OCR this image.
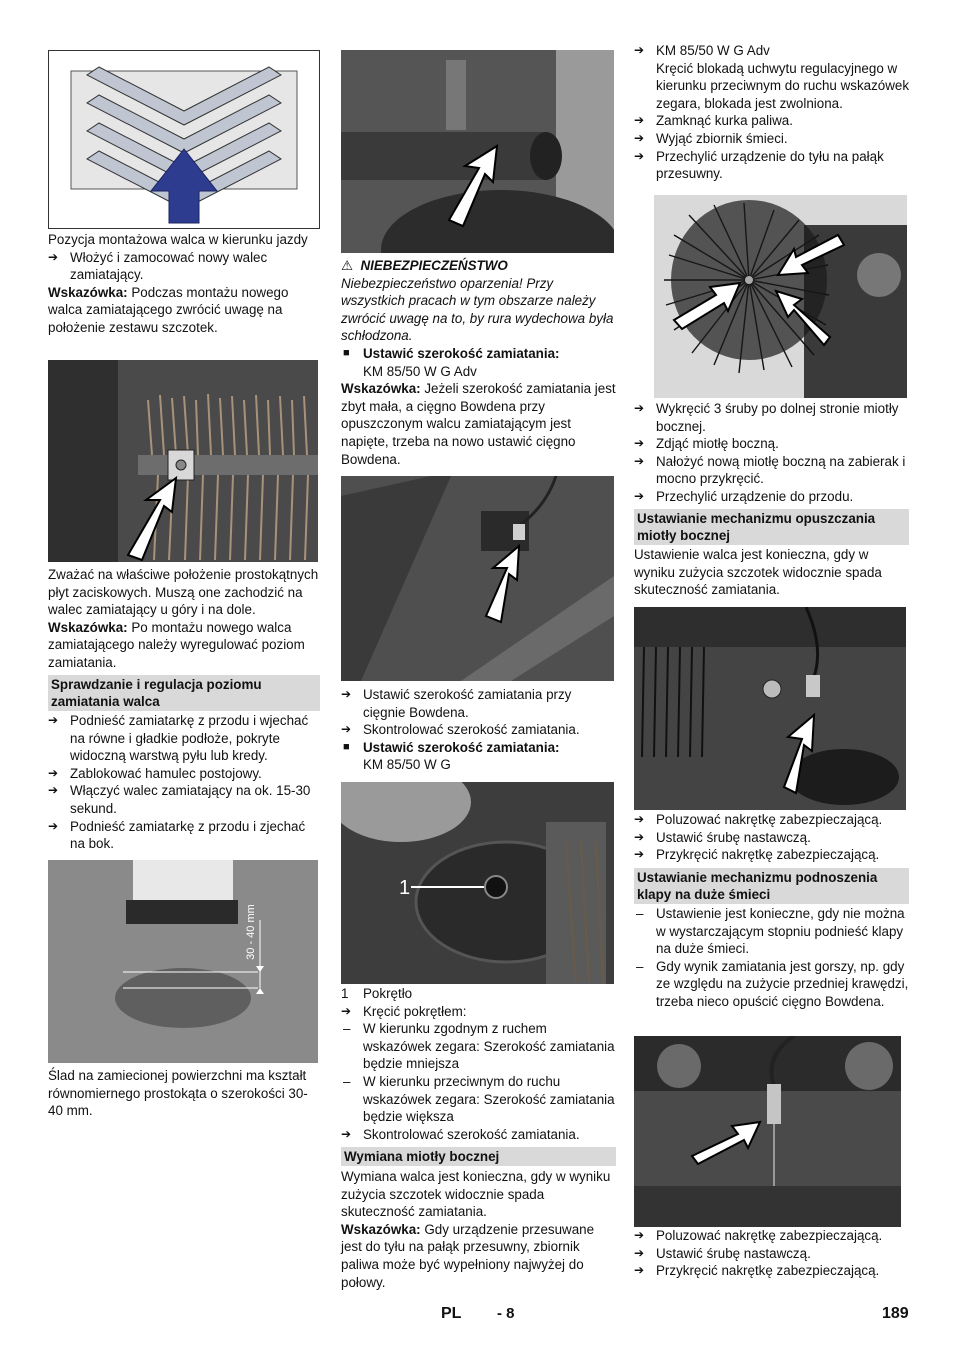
Pozycja montażowa walca w kierunku jazdy

➔ Włożyć i zamocować nowy walec zamiatający.

Wskazówka: Podczas montażu nowego walca zamiatającego zwrócić uwagę na położenie zestawu szczotek.

Zważać na właściwe położenie prostokątnych płyt zaciskowych. Muszą one zachodzić na walec zamiatający u góry i na dole.

Wskazówka: Po montażu nowego walca zamiatającego należy wyregulować poziom zamiatania.

Sprawdzanie i regulacja poziomu zamiatania walca
➔ Podnieść zamiatarkę z przodu i wjechać na równe i gładkie podłoże, pokryte widoczną warstwą pyłu lub kredy.
➔ Zablokować hamulec postojowy.
➔ Włączyć walec zamiatający na ok. 15-30 sekund.
➔ Podnieść zamiatarkę z przodu i zjechać na bok.
30 - 40 mm

Ślad na zamiecionej powierzchni ma kształt równomiernego prostokąta o szerokości 30-40 mm.

⚠ NIEBEZPIECZEŃSTWO

Niebezpieczeństwo oparzenia! Przy wszystkich pracach w tym obszarze należy zwrócić uwagę na to, by rura wydechowa była schłodzona.

■ Ustawić szerokość zamiatania:
KM 85/50 W G Adv

Wskazówka: Jeżeli szerokość zamiatania jest zbyt mała, a cięgno Bowdena przy opuszczonym walcu zamiatającym jest napięte, trzeba na nowo ustawić cięgno Bowdena.

➔ Ustawić szerokość zamiatania przy cięgnie Bowdena.
➔ Skontrolować szerokość zamiatania.
■ Ustawić szerokość zamiatania:
KM 85/50 W G
1
1 Pokrętło
➔ Kręcić pokrętłem:
– W kierunku zgodnym z ruchem wskazówek zegara: Szerokość zamiatania będzie mniejsza
– W kierunku przeciwnym do ruchu wskazówek zegara: Szerokość zamiatania będzie większa
➔ Skontrolować szerokość zamiatania.
Wymiana miotły bocznej

Wymiana walca jest konieczna, gdy w wyniku zużycia szczotek widocznie spada skuteczność zamiatania.

Wskazówka: Gdy urządzenie przesuwane jest do tyłu na pałąk przesuwny, zbiornik paliwa może być wypełniony najwyżej do połowy.

➔ KM 85/50 W G Adv
Kręcić blokadą uchwytu regulacyjnego w kierunku przeciwnym do ruchu wskazówek zegara, blokada jest zwolniona.
➔ Zamknąć kurka paliwa.
➔ Wyjąć zbiornik śmieci.
➔ Przechylić urządzenie do tyłu na pałąk przesuwny.
➔ Wykręcić 3 śruby po dolnej stronie miotły bocznej.
➔ Zdjąć miotłę boczną.
➔ Nałożyć nową miotłę boczną na zabierak i mocno przykręcić.
➔ Przechylić urządzenie do przodu.
Ustawianie mechanizmu opuszczania miotły bocznej

Ustawienie walca jest konieczna, gdy w wyniku zużycia szczotek widocznie spada skuteczność zamiatania.

➔ Poluzować nakrętkę zabezpieczającą.
➔ Ustawić śrubę nastawczą.
➔ Przykręcić nakrętkę zabezpieczającą.
Ustawianie mechanizmu podnoszenia klapy na duże śmieci
– Ustawienie jest konieczne, gdy nie można w wystarczającym stopniu podnieść klapy na duże śmieci.
– Gdy wynik zamiatania jest gorszy, np. gdy ze względu na zużycie przedniej krawędzi, trzeba nieco opuścić cięgno Bowdena.
➔ Poluzować nakrętkę zabezpieczającą.
➔ Ustawić śrubę nastawczą.
➔ Przykręcić nakrętkę zabezpieczającą.
PL - 8	189
